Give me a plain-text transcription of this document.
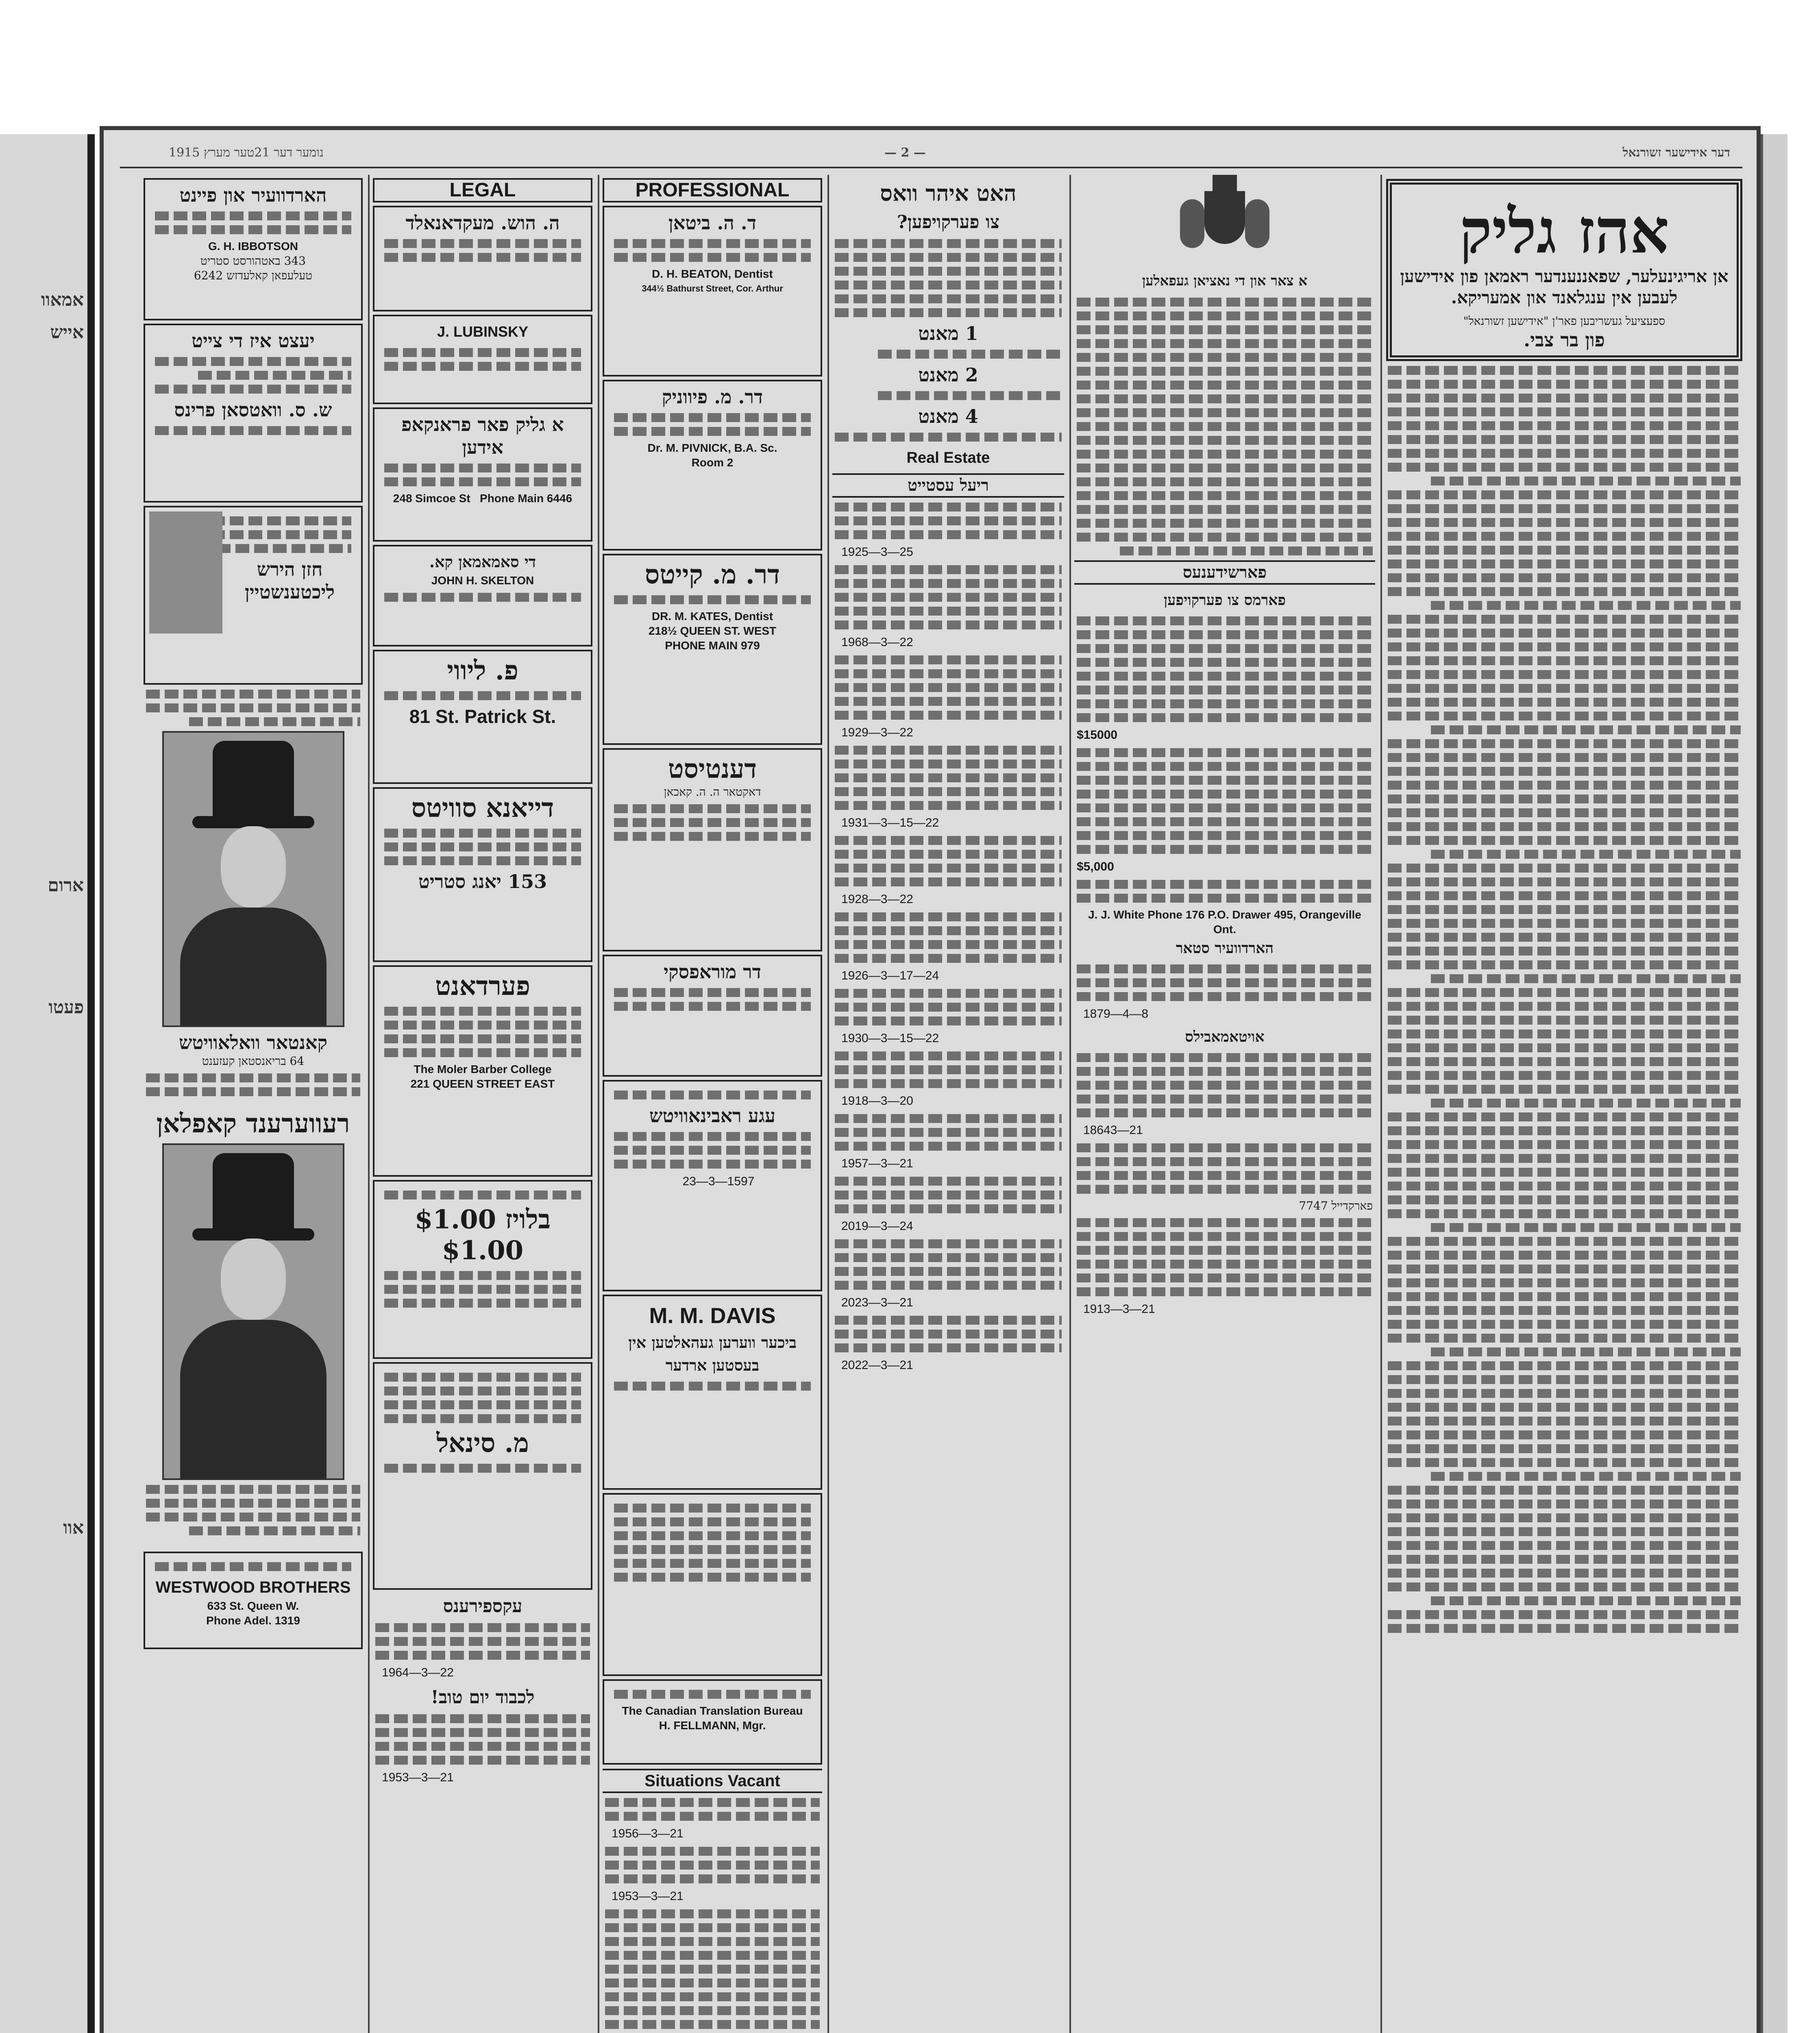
ארום
אמאוו
אייש
פעטו
אוו
נומער דער 21טער מערץ 1915	— 2 —	דער אידישער זשורנאל
הארדוועיר און פיינט
G. H. IBBOTSON
343 באטהורסט סטריט
טעלעפאן קאלעדזש 6242
יעצט איז די צייט
ש. ס. וואטסאן פרינס
חזן הירש ליכטענשטיין
קאנטאר וואלאוויטש
64 בריאנסטאן קעזענט
רעווערענד קאפלאן
WESTWOOD BROTHERS
633 St. Queen W.
Phone Adel. 1319
LEGAL
ה. הוש. מעקדאנאלד
J. LUBINSKY
א גליק פאר פראנקאפ אידען
248 Simcoe St Phone Main 6446
די סאמאמאן קא.
JOHN H. SKELTON
פ. ליווי
81 St. Patrick St.
דייאנא סוויטס
153 יאנג סטריט
פערדאנט
The Moler Barber College
221 QUEEN STREET EAST
$1.00 בלויז $1.00
מ. סינאל
עקספירענס
1964—3—22
לכבוד יום טוב!
1953—3—21
PROFESSIONAL
ד. ה. ביטאן
D. H. BEATON, Dentist
344½ Bathurst Street, Cor. Arthur
דר. מ. פיווניק
Dr. M. PIVNICK, B.A. Sc.
Room 2
דר. מ. קייטס
DR. M. KATES, Dentist
218½ QUEEN ST. WEST
PHONE MAIN 979
דענטיסט
דאקטאר ה. ה. קאכאן
דר מוראפסקי
עגע ראבינאוויטש
1597—3—23
M. M. DAVIS
ביכער ווערען געהאלטען אין בעסטען ארדער
The Canadian Translation Bureau
H. FELLMANN, Mgr.
Situations Vacant
1956—3—21
1953—3—21
האט איהר וואס
צו פערקויפען?
1 מאנט
2 מאנט
4 מאנט
Real Estate
ריעל עסטייט
1925—3—25
1968—3—22
1929—3—22
1931—3—15—22
1928—3—22
1926—3—17—24
1930—3—15—22
1918—3—20
1957—3—21
2019—3—24
2023—3—21
2022—3—21
א צאר און די נאציאן געפאלען
פארשידענעס
פארמס צו פערקויפען
$15000
$5,000
J. J. White Phone 176 P.O. Drawer 495, Orangeville Ont.
הארדוועיר סטאר
1879—4—8
אויטאמאבילס
18643—21
פארקדייל 7747
1913—3—21
אהז גליק
אן אריגינעלער, שפאננענדער ראמאן פון אידישען לעבען אין ענגלאנד און אמעריקא.
ספעציעל געשריבען פאר'ן "אידישען זשורנאל"
פון בר צבי.
